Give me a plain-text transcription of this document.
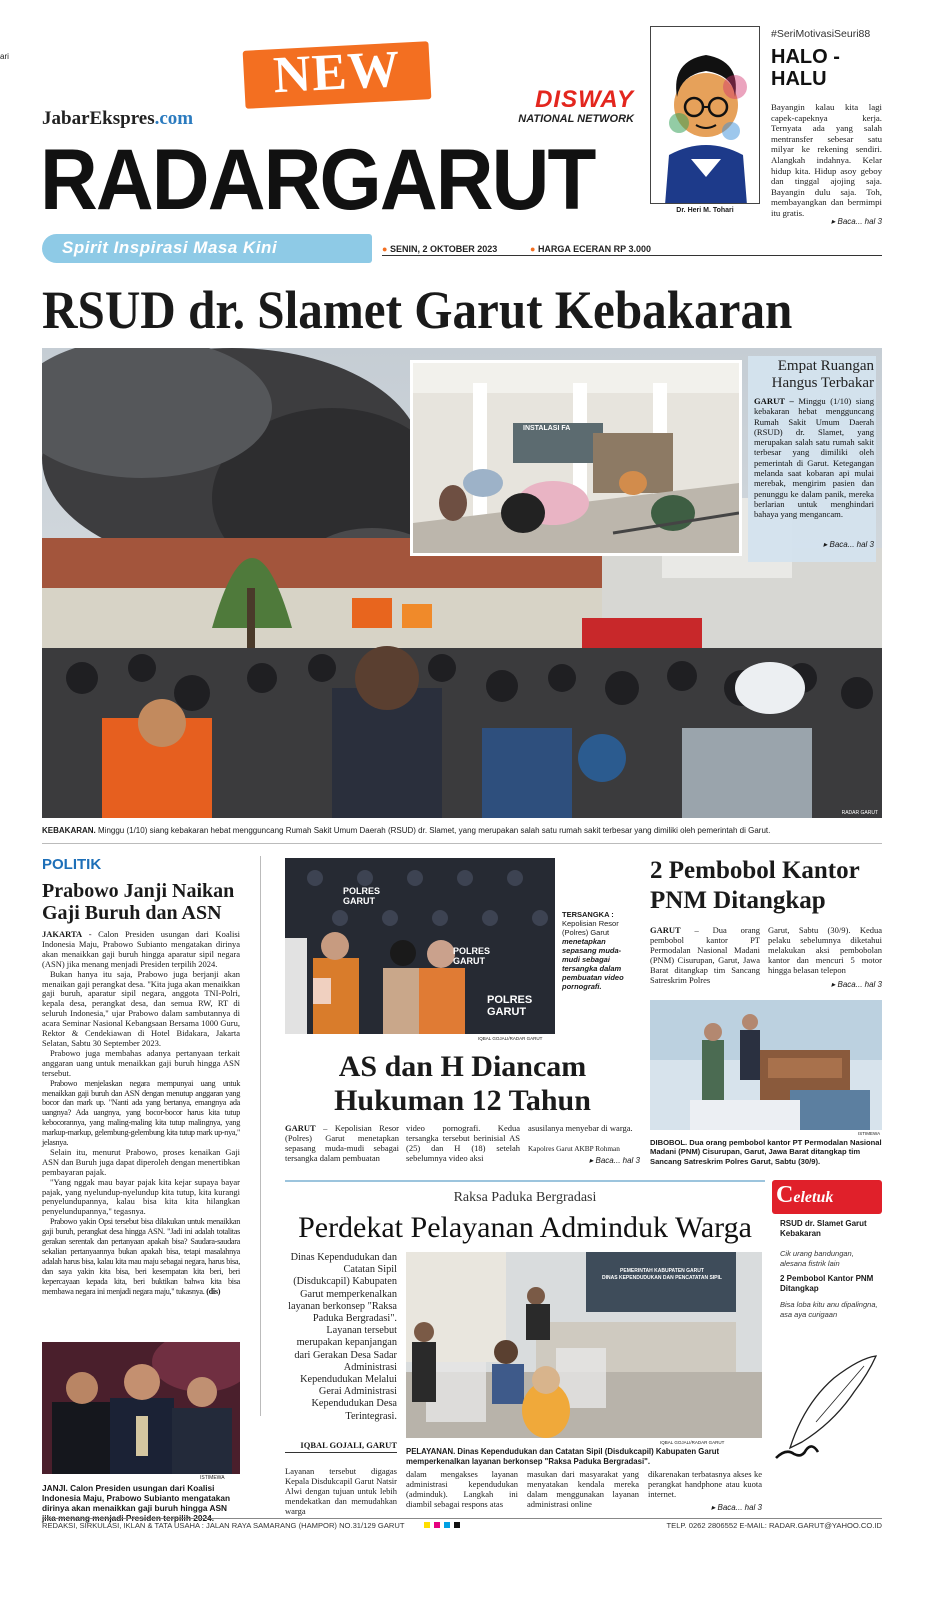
ari	NEW
JabarEkspres.com
DISWAY
NATIONAL NETWORK
RADARGARUT
Spirit Inspirasi Masa Kini	● SENIN, 2 OKTOBER 2023	● HARGA ECERAN RP 3.000
Dr. Heri M. Tohari
#SeriMotivasiSeuri88
HALO - HALU
Bayangin kalau kita lagi capek-capeknya kerja. Ternyata ada yang salah mentransfer sebesar satu milyar ke rekening sendiri. Alangkah indahnya. Kelar hidup kita. Hidup asoy geboy dan tinggal ajojing saja. Bayangin dulu saja. Toh, membayangkan dan bermimpi itu gratis.
▸ Baca... hal 3
RSUD dr. Slamet Garut Kebakaran
INSTALASI FA
Empat Ruangan Hangus Terbakar
GARUT – Minggu (1/10) siang kebakaran hebat mengguncang Rumah Sakit Umum Daerah (RSUD) dr. Slamet, yang merupakan salah satu rumah sakit terbesar yang dimiliki oleh pemerintah di Garut. Ketegangan melanda saat kobaran api mulai merebak, mengirim pasien dan penunggu ke dalam panik, mereka berlarian untuk menghindari bahaya yang mengancam.
▸ Baca... hal 3
RADAR GARUT
KEBAKARAN. Minggu (1/10) siang kebakaran hebat mengguncang Rumah Sakit Umum Daerah (RSUD) dr. Slamet, yang merupakan salah satu rumah sakit terbesar yang dimiliki oleh pemerintah di Garut.
POLITIK
Prabowo Janji Naikan Gaji Buruh dan ASN

JAKARTA - Calon Presiden usungan dari Koalisi Indonesia Maju, Prabowo Subianto mengatakan dirinya akan menaikkan gaji buruh hingga aparatur sipil negara (ASN) jika menang menjadi Presiden terpilih 2024.

Bukan hanya itu saja, Prabowo juga berjanji akan menaikan gaji perangkat desa. "Kita juga akan menaikkan gaji buruh, aparatur sipil negara, anggota TNI-Polri, kepala desa, perangkat desa, dan semua RW, RT di seluruh Indonesia," ujar Prabowo dalam sambutannya di acara Seminar Nasional Kebangsaan Bersama 1000 Guru, Rektor & Cendekiawan di Hotel Bidakara, Jakarta Selatan, Sabtu 30 September 2023.

Prabowo juga membahas adanya pertanyaan terkait anggaran uang untuk menaikkan gaji buruh hingga ASN tersebut.

Prabowo menjelaskan negara mempunyai uang untuk menaikkan gaji buruh dan ASN dengan menutup anggaran yang bocor dan mark up. "Nanti ada yang bertanya, emangnya ada uangnya? Ada uangnya, yang bocor-bocor harus kita tutup kebocorannya, yang maling-maling kita tutup malingnya, yang markup-markup, gelembung-gelembung kita tutup mark up-nya," jelasnya.

Selain itu, menurut Prabowo, proses kenaikan Gaji ASN dan Buruh juga dapat diperoleh dengan menertibkan pembayaran pajak.

"Yang nggak mau bayar pajak kita kejar supaya bayar pajak, yang nyelundup-nyelundup kita tutup, kita kurangi penyelundupannya, kalau bisa kita kita hilangkan penyelundupannya," tegasnya.

Prabowo yakin Opsi tersebut bisa dilakukan untuk menaikkan gaji buruh, perangkat desa hingga ASN. "Jadi ini adalah totalitas gerakan serentak dan pertanyaan apakah bisa? Saudara-saudara sekalian pertanyaannya bukan apakah bisa, tetapi masalahnya adalah harus bisa, kalau kita mau maju sebagai negara, harus bisa, dan saya yakin kita bisa, beri kesempatan kita beri, beri kepercayaan kepada kita, beri buktikan bahwa kita bisa membawa negara ini menjadi negara maju," tukasnya. (dis)

ISTIMEWA
JANJI. Calon Presiden usungan dari Koalisi Indonesia Maju, Prabowo Subianto mengatakan dirinya akan menaikkan gaji buruh hingga ASN jika menang menjadi Presiden terpilih 2024.
POLRES GARUT
POLRES GARUT
POLRES GARUT
IQBAL GOJALI/RADAR GARUT
TERSANGKA :
Kepolisian Resor (Polres) Garut
menetapkan sepasang muda-mudi sebagai tersangka dalam pembuatan video pornografi.
AS dan H Diancam Hukuman 12 Tahun
GARUT – Kepolisian Resor (Polres) Garut menetapkan sepasang muda-mudi sebagai tersangka dalam pembuatan
video pornografi. Kedua tersangka tersebut berinisial AS (25) dan H (18) setelah sebelumnya video aksi
asusilanya menyebar di warga.
Kapolres Garut AKBP Rohman
▸ Baca... hal 3
2 Pembobol Kantor PNM Ditangkap
GARUT – Dua orang pembobol kantor PT Permodalan Nasional Madani (PNM) Cisurupan, Garut, Jawa Barat ditangkap tim Sancang Satreskrim Polres
Garut, Sabtu (30/9). Kedua pelaku sebelumnya diketahui melakukan aksi pembobolan kantor dan mencuri 5 motor hingga belasan telepon
▸ Baca... hal 3
ISTIMEWA
DIBOBOL. Dua orang pembobol kantor PT Permodalan Nasional Madani (PNM) Cisurupan, Garut, Jawa Barat ditangkap tim Sancang Satreskrim Polres Garut, Sabtu (30/9).
Raksa Paduka Bergradasi
Perdekat Pelayanan Adminduk Warga
Dinas Kependudukan dan Catatan Sipil (Disdukcapil) Kabupaten Garut memperkenalkan layanan berkonsep "Raksa Paduka Bergradasi". Layanan tersebut merupakan kepanjangan dari Gerakan Desa Sadar Administrasi Kependudukan Melalui Gerai Administrasi Kependudukan Desa Terintegrasi.
IQBAL GOJALI, GARUT
PEMERINTAH KABUPATEN GARUT
DINAS KEPENDUDUKAN DAN PENCATATAN SIPIL
IQBAL GOJALI/RADAR GARUT
PELAYANAN. Dinas Kependudukan dan Catatan Sipil (Disdukcapil) Kabupaten Garut memperkenalkan layanan berkonsep "Raksa Paduka Bergradasi".
Layanan tersebut digagas Kepala Disdukcapil Garut Natsir Alwi dengan tujuan untuk lebih mendekatkan dan memudahkan warga
dalam mengakses layanan administrasi kependudukan (adminduk). Langkah ini diambil sebagai respons atas
masukan dari masyarakat yang menyatakan kendala mereka dalam menggunakan layanan administrasi online
dikarenakan terbatasnya akses ke perangkat handphone atau kuota internet.
▸ Baca... hal 3
Celetuk
RSUD dr. Slamet Garut Kebakaran
Cik urang bandungan, alesana fistrik lain
2 Pembobol Kantor PNM Ditangkap
Bisa loba kitu anu dipalingna, asa aya curigaan
REDAKSI, SIRKULASI, IKLAN & TATA USAHA : JALAN RAYA SAMARANG (HAMPOR) NO.31/129 GARUT	TELP. 0262 2806552 E-MAIL: RADAR.GARUT@YAHOO.CO.ID
